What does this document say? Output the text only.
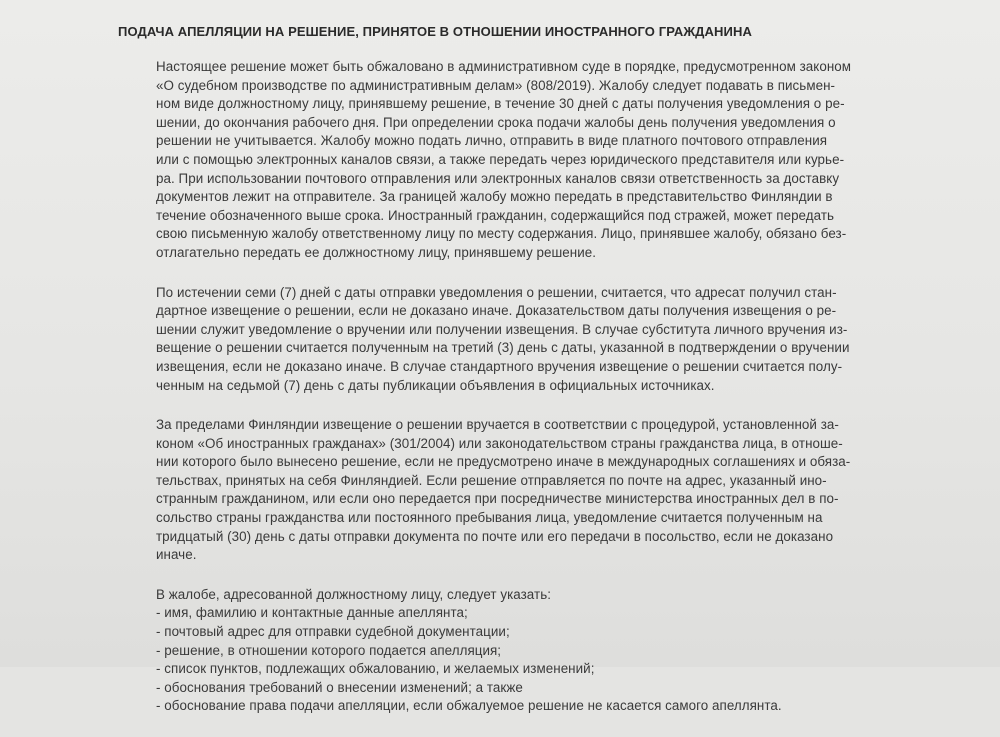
ПОДАЧА АПЕЛЛЯЦИИ НА РЕШЕНИЕ, ПРИНЯТОЕ В ОТНОШЕНИИ ИНОСТРАННОГО ГРАЖДАНИНА
Настоящее решение может быть обжаловано в административном суде в порядке, предусмотренном законом
«О судебном производстве по административным делам» (808/2019). Жалобу следует подавать в письмен-
ном виде должностному лицу, принявшему решение, в течение 30 дней с даты получения уведомления о ре-
шении, до окончания рабочего дня. При определении срока подачи жалобы день получения уведомления о
решении не учитывается. Жалобу можно подать лично, отправить в виде платного почтового отправления
или с помощью электронных каналов связи, а также передать через юридического представителя или курье-
ра. При использовании почтового отправления или электронных каналов связи ответственность за доставку
документов лежит на отправителе. За границей жалобу можно передать в представительство Финляндии в
течение обозначенного выше срока. Иностранный гражданин, содержащийся под стражей, может передать
свою письменную жалобу ответственному лицу по месту содержания. Лицо, принявшее жалобу, обязано без-
отлагательно передать ее должностному лицу, принявшему решение.
По истечении семи (7) дней с даты отправки уведомления о решении, считается, что адресат получил стан-
дартное извещение о решении, если не доказано иначе. Доказательством даты получения извещения о ре-
шении служит уведомление о вручении или получении извещения. В случае субститута личного вручения из-
вещение о решении считается полученным на третий (3) день с даты, указанной в подтверждении о вручении
извещения, если не доказано иначе. В случае стандартного вручения извещение о решении считается полу-
ченным на седьмой (7) день с даты публикации объявления в официальных источниках.
За пределами Финляндии извещение о решении вручается в соответствии с процедурой, установленной за-
коном «Об иностранных гражданах» (301/2004) или законодательством страны гражданства лица, в отноше-
нии которого было вынесено решение, если не предусмотрено иначе в международных соглашениях и обяза-
тельствах, принятых на себя Финляндией. Если решение отправляется по почте на адрес, указанный ино-
странным гражданином, или если оно передается при посредничестве министерства иностранных дел в по-
сольство страны гражданства или постоянного пребывания лица, уведомление считается полученным на
тридцатый (30) день с даты отправки документа по почте или его передачи в посольство, если не доказано
иначе.
В жалобе, адресованной должностному лицу, следует указать:
- имя, фамилию и контактные данные апеллянта;
- почтовый адрес для отправки судебной документации;
- решение, в отношении которого подается апелляция;
- список пунктов, подлежащих обжалованию, и желаемых изменений;
- обоснования требований о внесении изменений; а также
- обоснование права подачи апелляции, если обжалуемое решение не касается самого апеллянта.
